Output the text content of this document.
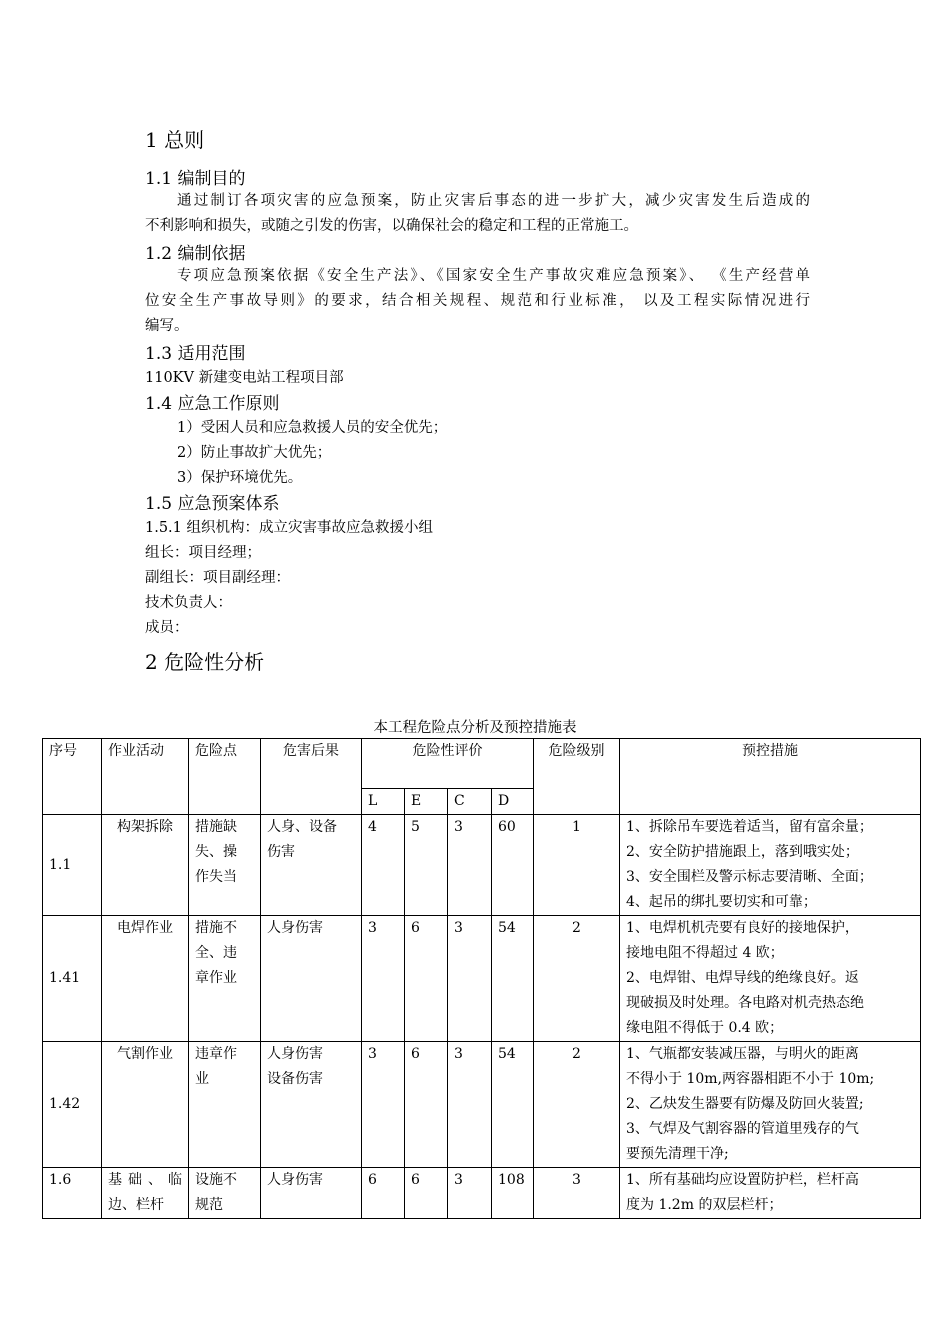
1 总则
1.1 编制目的
通过制订各项灾害的应急预案，防止灾害后事态的进一步扩大，减少灾害发生后造成的
不利影响和损失，或随之引发的伤害，以确保社会的稳定和工程的正常施工。
1.2 编制依据
专项应急预案依据《安全生产法》、《国家安全生产事故灾难应急预案》、 《生产经营单
位安全生产事故导则》的要求，结合相关规程、规范和行业标准， 以及工程实际情况进行
编写。
1.3 适用范围
110KV 新建变电站工程项目部
1.4 应急工作原则
1）受困人员和应急救援人员的安全优先；
2）防止事故扩大优先；
3）保护环境优先。
1.5 应急预案体系
1.5.1 组织机构：成立灾害事故应急救援小组
组长：项目经理；
副组长：项目副经理：
技术负责人：
成员：
2 危险性分析
本工程危险点分析及预控措施表
序号	作业活动	危险点	危害后果	危险性评价				危险级别	预控措施
				L	E	C	D		
1.1	构架拆除	措施缺
失、操
作失当	人身、设备
伤害	4	5	3	60	1	1、拆除吊车要选着适当，留有富余量；
2、安全防护措施跟上，落到哦实处；
3、安全围栏及警示标志要清晰、全面；
4、起吊的绑扎要切实和可靠；

1.41	电焊作业	措施不
全、违
章作业	人身伤害	3	6	3	54	2	1、电焊机机壳要有良好的接地保护，
接地电阻不得超过 4 欧；
2、电焊钳、电焊导线的绝缘良好。返
现破损及时处理。各电路对机壳热态绝
缘电阻不得低于 0.4 欧；

1.42	气割作业	违章作
业	人身伤害
设备伤害	3	6	3	54	2	1、气瓶都安装减压器，与明火的距离
不得小于 10m,两容器相距不小于 10m;
2、乙炔发生器要有防爆及防回火装置;
3、气焊及气割容器的管道里残存的气
要预先清理干净;

1.6	基础、临边、栏杆	设施不
规范	人身伤害	6	6	3	108	3	1、所有基础均应设置防护栏，栏杆高
度为 1.2m 的双层栏杆；
